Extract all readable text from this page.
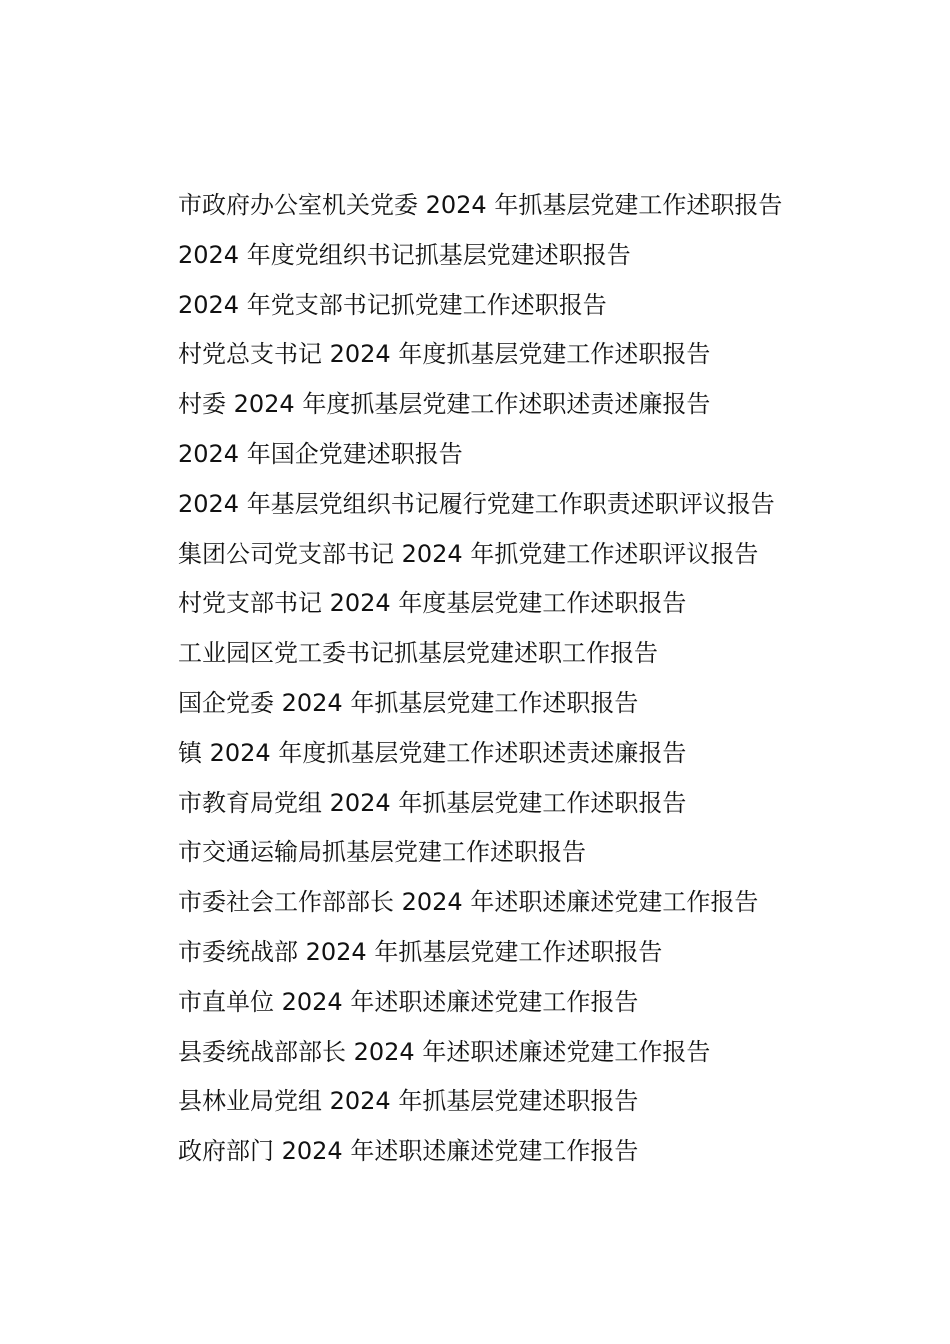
市政府办公室机关党委 2024 年抓基层党建工作述职报告
2024 年度党组织书记抓基层党建述职报告
2024 年党支部书记抓党建工作述职报告
村党总支书记 2024 年度抓基层党建工作述职报告
村委 2024 年度抓基层党建工作述职述责述廉报告
2024 年国企党建述职报告
2024 年基层党组织书记履行党建工作职责述职评议报告
集团公司党支部书记 2024 年抓党建工作述职评议报告
村党支部书记 2024 年度基层党建工作述职报告
工业园区党工委书记抓基层党建述职工作报告
国企党委 2024 年抓基层党建工作述职报告
镇 2024 年度抓基层党建工作述职述责述廉报告
市教育局党组 2024 年抓基层党建工作述职报告
市交通运输局抓基层党建工作述职报告
市委社会工作部部长 2024 年述职述廉述党建工作报告
市委统战部 2024 年抓基层党建工作述职报告
市直单位 2024 年述职述廉述党建工作报告
县委统战部部长 2024 年述职述廉述党建工作报告
县林业局党组 2024 年抓基层党建述职报告
政府部门 2024 年述职述廉述党建工作报告
